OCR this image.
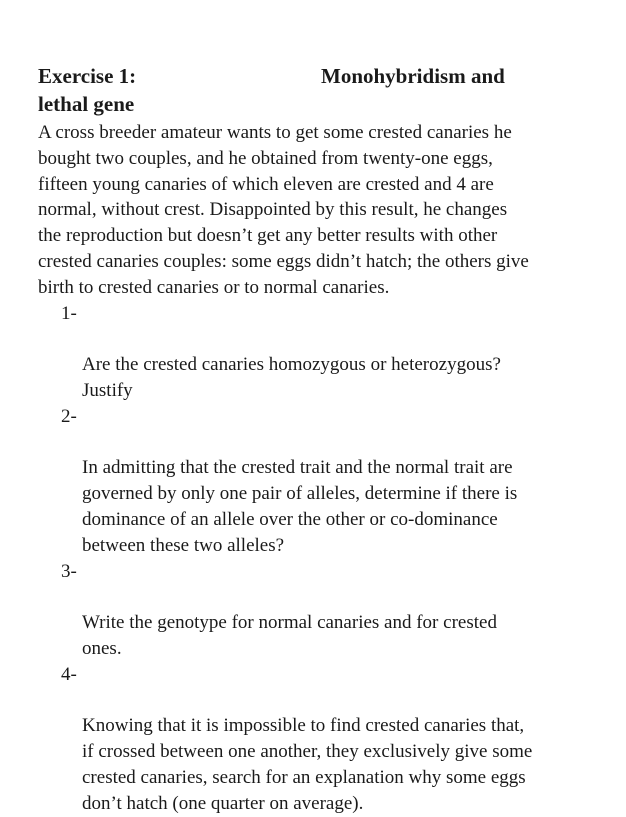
Exercise 1:	Monohybridism and
lethal gene

A cross breeder amateur wants to get some crested canaries he
bought two couples, and he obtained from twenty-one eggs,
fifteen young canaries of which eleven are crested and 4 are
normal, without crest. Disappointed by this result, he changes
the reproduction but doesn’t get any better results with other
crested canaries couples: some eggs didn’t hatch; the others give
birth to crested canaries or to normal canaries.

1-

Are the crested canaries homozygous or heterozygous?
Justify

2-

In admitting that the crested trait and the normal trait are
governed by only one pair of alleles, determine if there is
dominance of an allele over the other or co-dominance
between these two alleles?

3-

Write the genotype for normal canaries and for crested
ones.

4-

Knowing that it is impossible to find crested canaries that,
if crossed between one another, they exclusively give some
crested canaries, search for an explanation why some eggs
don’t hatch (one quarter on average).
